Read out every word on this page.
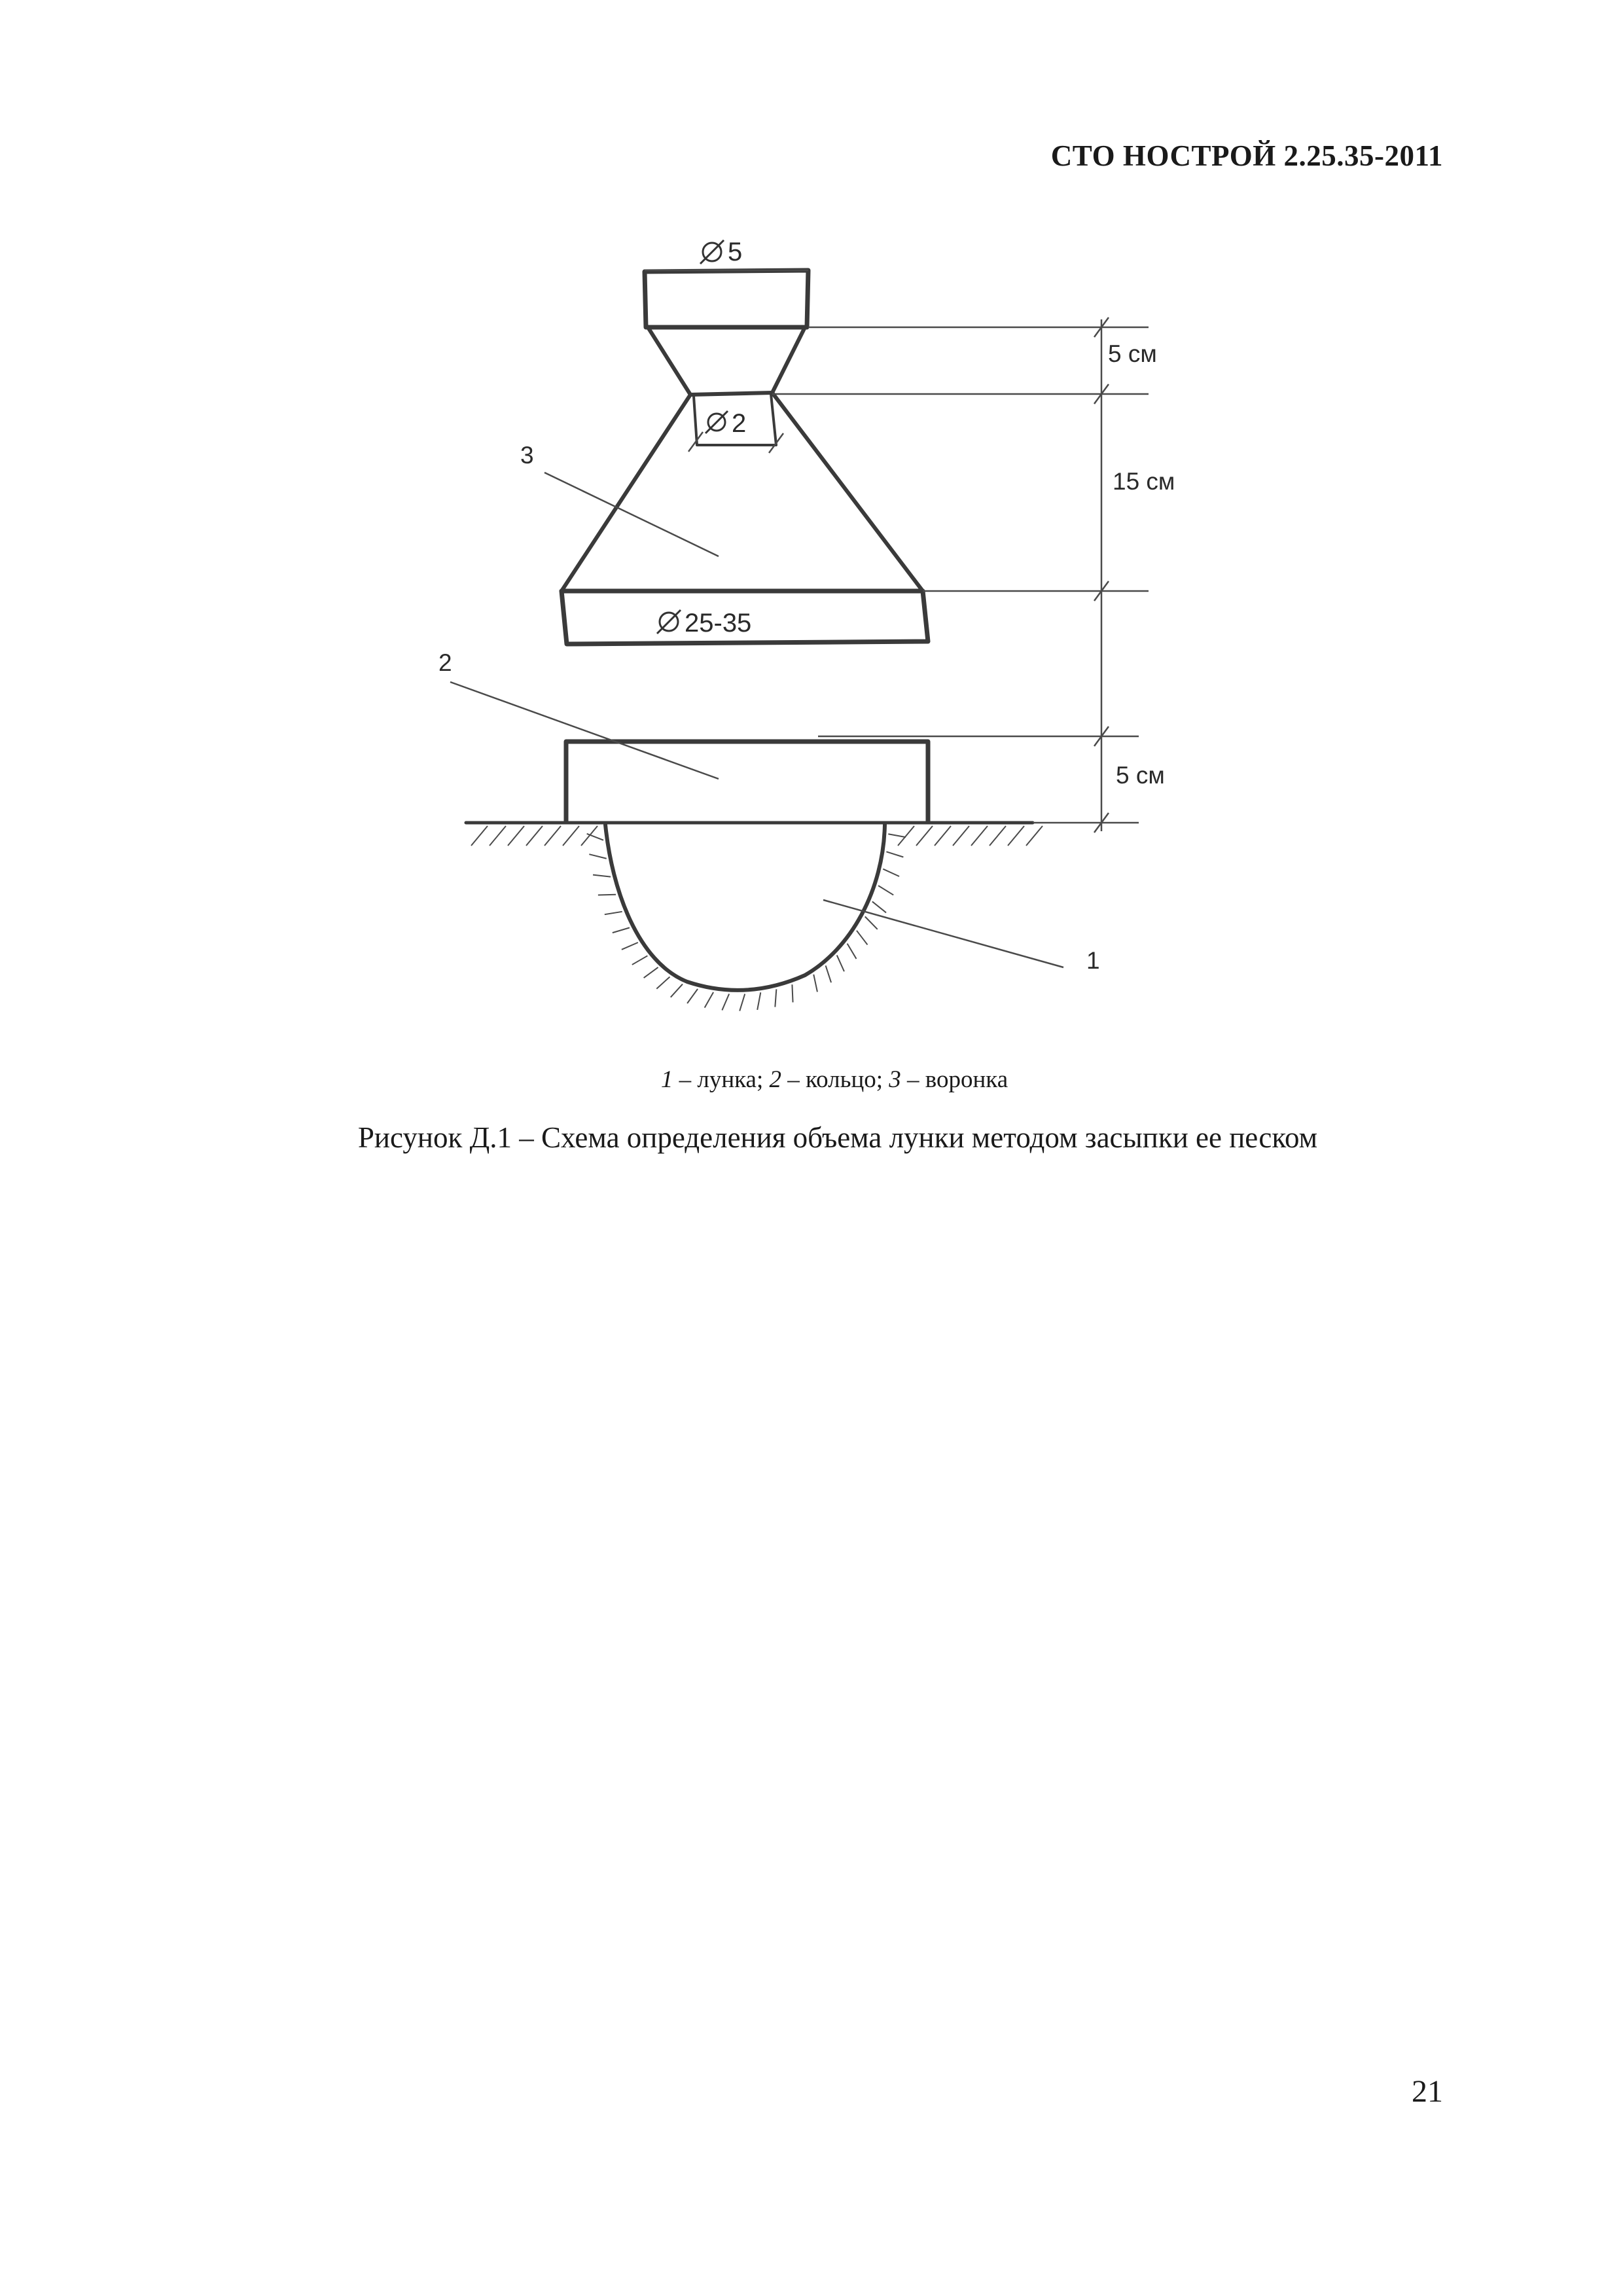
СТО НОСТРОЙ 2.25.35-2011
5
2
25-35
5 см
15 см
5 см
3
2
1
1 – лунка; 2 – кольцо; 3 – воронка
Рисунок Д.1 – Схема определения объема лунки методом засыпки ее песком
21
